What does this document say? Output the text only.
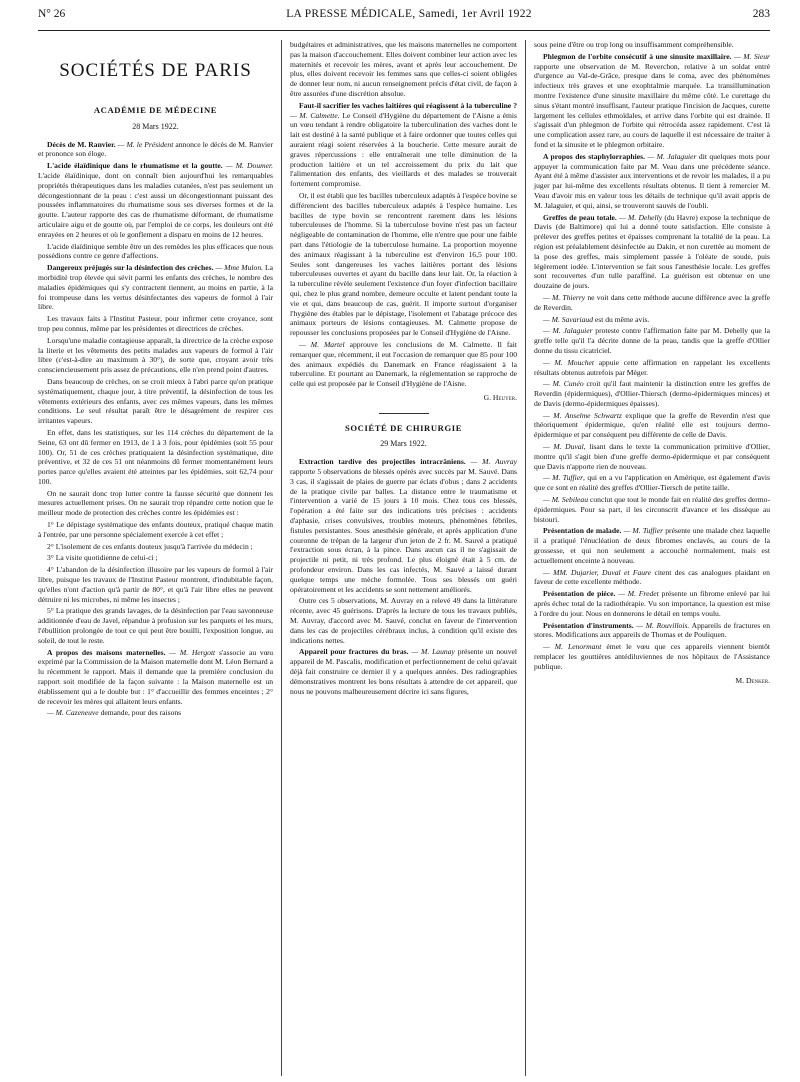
N° 26	LA PRESSE MÉDICALE, Samedi, 1er Avril 1922	283
SOCIÉTÉS DE PARIS
ACADÉMIE DE MÉDECINE
28 Mars 1922.

Décès de M. Ranvier. — M. le Président annonce le décès de M. Ranvier et prononce son éloge.

L'acide élaïdinique dans le rhumatisme et la goutte. — M. Doumer. L'acide élaïdinique, dont on connaît bien aujourd'hui les remarquables propriétés thérapeutiques dans les maladies cutanées, n'est pas seulement un décongestionnant de la peau : c'est aussi un décongestionnant puissant des poussées inflammatoires du rhumatisme sous ses diverses formes et de la goutte. L'auteur rapporte des cas de rhumatisme déformant, de rhumatisme articulaire aigu et de goutte où, par l'emploi de ce corps, les douleurs ont été enrayées en 2 heures et où le gonflement a disparu en moins de 12 heures.

L'acide élaïdinique semble être un des remèdes les plus efficaces que nous possédions contre ce genre d'affections.

Dangereux préjugés sur la désinfection des crèches. — Mme Mulon. La morbidité trop élevée qui sévit parmi les enfants des crèches, le nombre des maladies épidémiques qui s'y contractent tiennent, au moins en partie, à la foi trompeuse dans les vertus désinfectantes des vapeurs de formol à l'air libre.

Les travaux faits à l'Institut Pasteur, pour infirmer cette croyance, sont trop peu connus, même par les présidentes et directrices de crèches.

Lorsqu'une maladie contagieuse apparaît, la directrice de la crèche expose la literie et les vêtements des petits malades aux vapeurs de formol à l'air libre (c'est-à-dire au maximum à 30°), de sorte que, croyant avoir très consciencieusement pris assez de précautions, elle n'en prend point d'autres.

Dans beaucoup de crèches, on se croit mieux à l'abri parce qu'on pratique systématiquement, chaque jour, à titre préventif, la désinfection de tous les vêtements extérieurs des enfants, avec ces mêmes vapeurs, dans les mêmes conditions. Le seul résultat paraît être le désagrément de respirer ces irritantes vapeurs.

En effet, dans les statistiques, sur les 114 crèches du département de la Seine, 63 ont dû fermer en 1913, de 1 à 3 fois, pour épidémies (soit 55 pour 100). Or, 51 de ces crèches pratiquaient la désinfection systématique, dite préventive, et 32 de ces 51 ont néanmoins dû fermer momentanément leurs portes parce qu'elles avaient été atteintes par les épidémies, soit 62,74 pour 100.

On ne saurait donc trop lutter contre la fausse sécurité que donnent les mesures actuellement prises. On ne saurait trop répandre cette notion que le meilleur mode de protection des crèches contre les épidémies est :

1° Le dépistage systématique des enfants douteux, pratiqué chaque matin à l'entrée, par une personne spécialement exercée à cet effet ;

2° L'isolement de ces enfants douteux jusqu'à l'arrivée du médecin ;

3° La visite quotidienne de celui-ci ;

4° L'abandon de la désinfection illusoire par les vapeurs de formol à l'air libre, puisque les travaux de l'Institut Pasteur montrent, d'indubitable façon, qu'elles n'ont d'action qu'à partir de 80°, et qu'à l'air libre elles ne peuvent détruire ni les microbes, ni même les insectes ;

5° La pratique des grands lavages, de la désinfection par l'eau savonneuse additionnée d'eau de Javel, répandue à profusion sur les parquets et les murs, l'ébullition prolongée de tout ce qui peut être bouilli, l'exposition longue, au soleil, de tout le reste.

A propos des maisons maternelles. — M. Hergott s'associe au vœu exprimé par la Commission de la Maison maternelle dont M. Léon Bernard a lu récemment le rapport. Mais il demande que la première conclusion du rapport soit modifiée de la façon suivante : la Maison maternelle est un établissement qui a le double but : 1° d'accueillir des femmes enceintes ; 2° de recevoir les mères qui allaitent leurs enfants.

— M. Cazeneuve demande, pour des raisons

budgétaires et administratives, que les maisons maternelles ne comportent pas la maison d'accouchement. Elles doivent combiner leur action avec les maternités et recevoir les mères, avant et après leur accouchement. De plus, elles doivent recevoir les femmes sans que celles-ci soient obligées de donner leur nom, ni aucun renseignement précis d'état civil, de façon à être assurées d'une discrétion absolue.

Faut-il sacrifier les vaches laitières qui réagissent à la tuberculine ? — M. Calmette. Le Conseil d'Hygiène du département de l'Aisne a émis un vœu tendant à rendre obligatoire la tuberculination des vaches dont le lait est destiné à la santé publique et à faire ordonner que toutes celles qui auraient réagi soient réservées à la boucherie. Cette mesure aurait de graves répercussions : elle entraînerait une telle diminution de la production laitière et un tel accroissement du prix du lait que l'alimentation des enfants, des vieillards et des malades se trouverait fortement compromise.

Or, il est établi que les bacilles tuberculeux adaptés à l'espèce bovine se différencient des bacilles tuberculeux adaptés à l'espèce humaine. Les bacilles de type bovin se rencontrent rarement dans les lésions tuberculeuses de l'homme. Si la tuberculose bovine n'est pas un facteur négligeable de contamination de l'homme, elle n'entre que pour une faible part dans l'étiologie de la tuberculose humaine. La proportion moyenne des animaux réagissant à la tuberculine est d'environ 16,5 pour 100. Seules sont dangereuses les vaches laitières portant des lésions tuberculeuses ouvertes et ayant du bacille dans leur lait. Or, la réaction à la tuberculine révèle seulement l'existence d'un foyer d'infection bacillaire qui, chez le plus grand nombre, demeure occulte et latent pendant toute la vie et qui, dans beaucoup de cas, guérit. Il importe surtout d'organiser l'hygiène des étables par le dépistage, l'isolement et l'abatage précoce des animaux porteurs de lésions contagieuses. M. Calmette propose de repousser les conclusions proposées par le Conseil d'Hygiène de l'Aisne.

— M. Martel approuve les conclusions de M. Calmette. Il fait remarquer que, récemment, il eut l'occasion de remarquer que 85 pour 100 des animaux expédiés du Danemark en France réagissaient à la tuberculine. Et pourtant au Danemark, la réglementation se rapproche de celle qui est proposée par le Conseil d'Hygiène de l'Aisne.

G. Heuyer.
SOCIÉTÉ DE CHIRURGIE
29 Mars 1922.

Extraction tardive des projectiles intracrâniens. — M. Auvray rapporte 5 observations de blessés opérés avec succès par M. Sauvé. Dans 3 cas, il s'agissait de plaies de guerre par éclats d'obus ; dans 2 accidents de la pratique civile par balles. La distance entre le traumatisme et l'intervention a varié de 15 jours à 10 mois. Chez tous ces blessés, l'opération a été faite sur des indications très précises : accidents d'aphasie, crises convulsives, troubles moteurs, phénomènes fébriles, fistules persistantes. Sous anesthésie générale, et après application d'une couronne de trépan de la largeur d'un jeton de 2 fr. M. Sauvé a pratiqué l'extraction sous écran, à la pince. Dans aucun cas il ne s'agissait de projectile ni petit, ni très profond. Le plus éloigné était à 5 cm. de profondeur environ. Dans les cas infectés, M. Sauvé a laissé durant quelque temps une mèche formolée. Tous ses blessés ont guéri opératoirement et les accidents se sont nettement améliorés.

Outre ces 5 observations, M. Auvray en a relevé 49 dans la littérature récente, avec 45 guérisons. D'après la lecture de tous les travaux publiés, M. Auvray, d'accord avec M. Sauvé, conclut en faveur de l'intervention dans les cas de projectiles cérébraux inclus, à condition qu'il existe des indications nettes.

Appareil pour fractures du bras. — M. Launay présente un nouvel appareil de M. Pascalis, modification et perfectionnement de celui qu'avait déjà fait construire ce dernier il y a quelques années. Des radiographies démonstratives montrent les bons résultats à attendre de cet appareil, que nous ne pouvons malheureusement décrire ici sans figures,

sous peine d'être ou trop long ou insuffisamment compréhensible.

Phlegmon de l'orbite consécutif à une sinusite maxillaire. — M. Sieur rapporte une observation de M. Reverchon, relative à un soldat entré d'urgence au Val-de-Grâce, presque dans le coma, avec des phénomènes infectieux très graves et une exophtalmie marquée. La transillumination montre l'existence d'une sinusite maxillaire du même côté. Le curettage du sinus s'étant montré insuffisant, l'auteur pratique l'incision de Jacques, curette largement les cellules ethmoïdales, et arrive dans l'orbite qui est drainée. Il s'agissait d'un phlegmon de l'orbite qui rétrocéda assez rapidement. C'est là une complication assez rare, au cours de laquelle il est nécessaire de traiter à fond et la sinusite et le phlegmon orbitaire.

A propos des staphylorraphies. — M. Jalaguier dit quelques mots pour appuyer la communication faite par M. Veau dans une précédente séance. Ayant été à même d'assister aux interventions et de revoir les malades, il a pu juger par lui-même des excellents résultats obtenus. Il tient à remercier M. Veau d'avoir mis en valeur tous les détails de technique qu'il avait appris de M. Jalaguier, et qui, ainsi, se trouveront sauvés de l'oubli.

Greffes de peau totale. — M. Dehelly (du Havre) expose la technique de Davis (de Baltimore) qui lui a donné toute satisfaction. Elle consiste à prélever des greffes petites et épaisses comprenant la totalité de la peau. La région est préalablement désinfectée au Dakin, et non curettée au moment de la pose des greffes, mais simplement passée à l'oléate de soude, puis légèrement iodée. L'intervention se fait sous l'anesthésie locale. Les greffes sont recouvertes d'un tulle paraffiné. La guérison est obtenue en une douzaine de jours.

— M. Thierry ne voit dans cette méthode aucune différence avec la greffe de Reverdin.

— M. Savariaud est du même avis.

— M. Jalaguier proteste contre l'affirmation faite par M. Dehelly que la greffe telle qu'il l'a décrite donne de la peau, tandis que la greffe d'Ollier donne du tissu cicatriciel.

— M. Mouchet appuie cette affirmation en rappelant les excellents résultats obtenus autrefois par Méger.

— M. Cunéo croit qu'il faut maintenir la distinction entre les greffes de Reverdin (épidermiques), d'Ollier-Thiersch (dermo-épidermiques minces) et de Davis (dermo-épidermiques épaisses).

— M. Anselme Schwartz explique que la greffe de Reverdin n'est que théoriquement épidermique, qu'en réalité elle est toujours dermo-épidermique et par conséquent peu différente de celle de Davis.

— M. Duval, lisant dans le texte la communication primitive d'Ollier, montre qu'il s'agit bien d'une greffe dermo-épidermique et par conséquent que Davis n'apporte rien de nouveau.

— M. Tuffier, qui en a vu l'application en Amérique, est également d'avis que ce sont en réalité des greffes d'Ollier-Tiersch de petite taille.

— M. Sebileau conclut que tout le monde fait en réalité des greffes dermo-épidermiques. Pour sa part, il les circonscrit d'avance et les dissèque au bistouri.

Présentation de malade. — M. Tuffier présente une malade chez laquelle il a pratiqué l'énucléation de deux fibromes enclavés, au cours de la grossesse, et qui non seulement a accouché normalement, mais est actuellement enceinte à nouveau.

— MM. Dujarier, Duval et Faure citent des cas analogues plaidant en faveur de cette excellente méthode.

Présentation de pièce. — M. Fredet présente un fibrome enlevé par lui après échec total de la radiothérapie. Vu son importance, la question est mise à l'ordre du jour. Nous en donnerons le détail en temps voulu.

Présentation d'instruments. — M. Rouvillois. Appareils de fractures en stores. Modifications aux appareils de Thomas et de Pouliquen.

— M. Lenormant émet le vœu que ces appareils viennent bientôt remplacer les gouttières antédiluviennes de nos hôpitaux de l'Assistance publique.

M. Denker.
